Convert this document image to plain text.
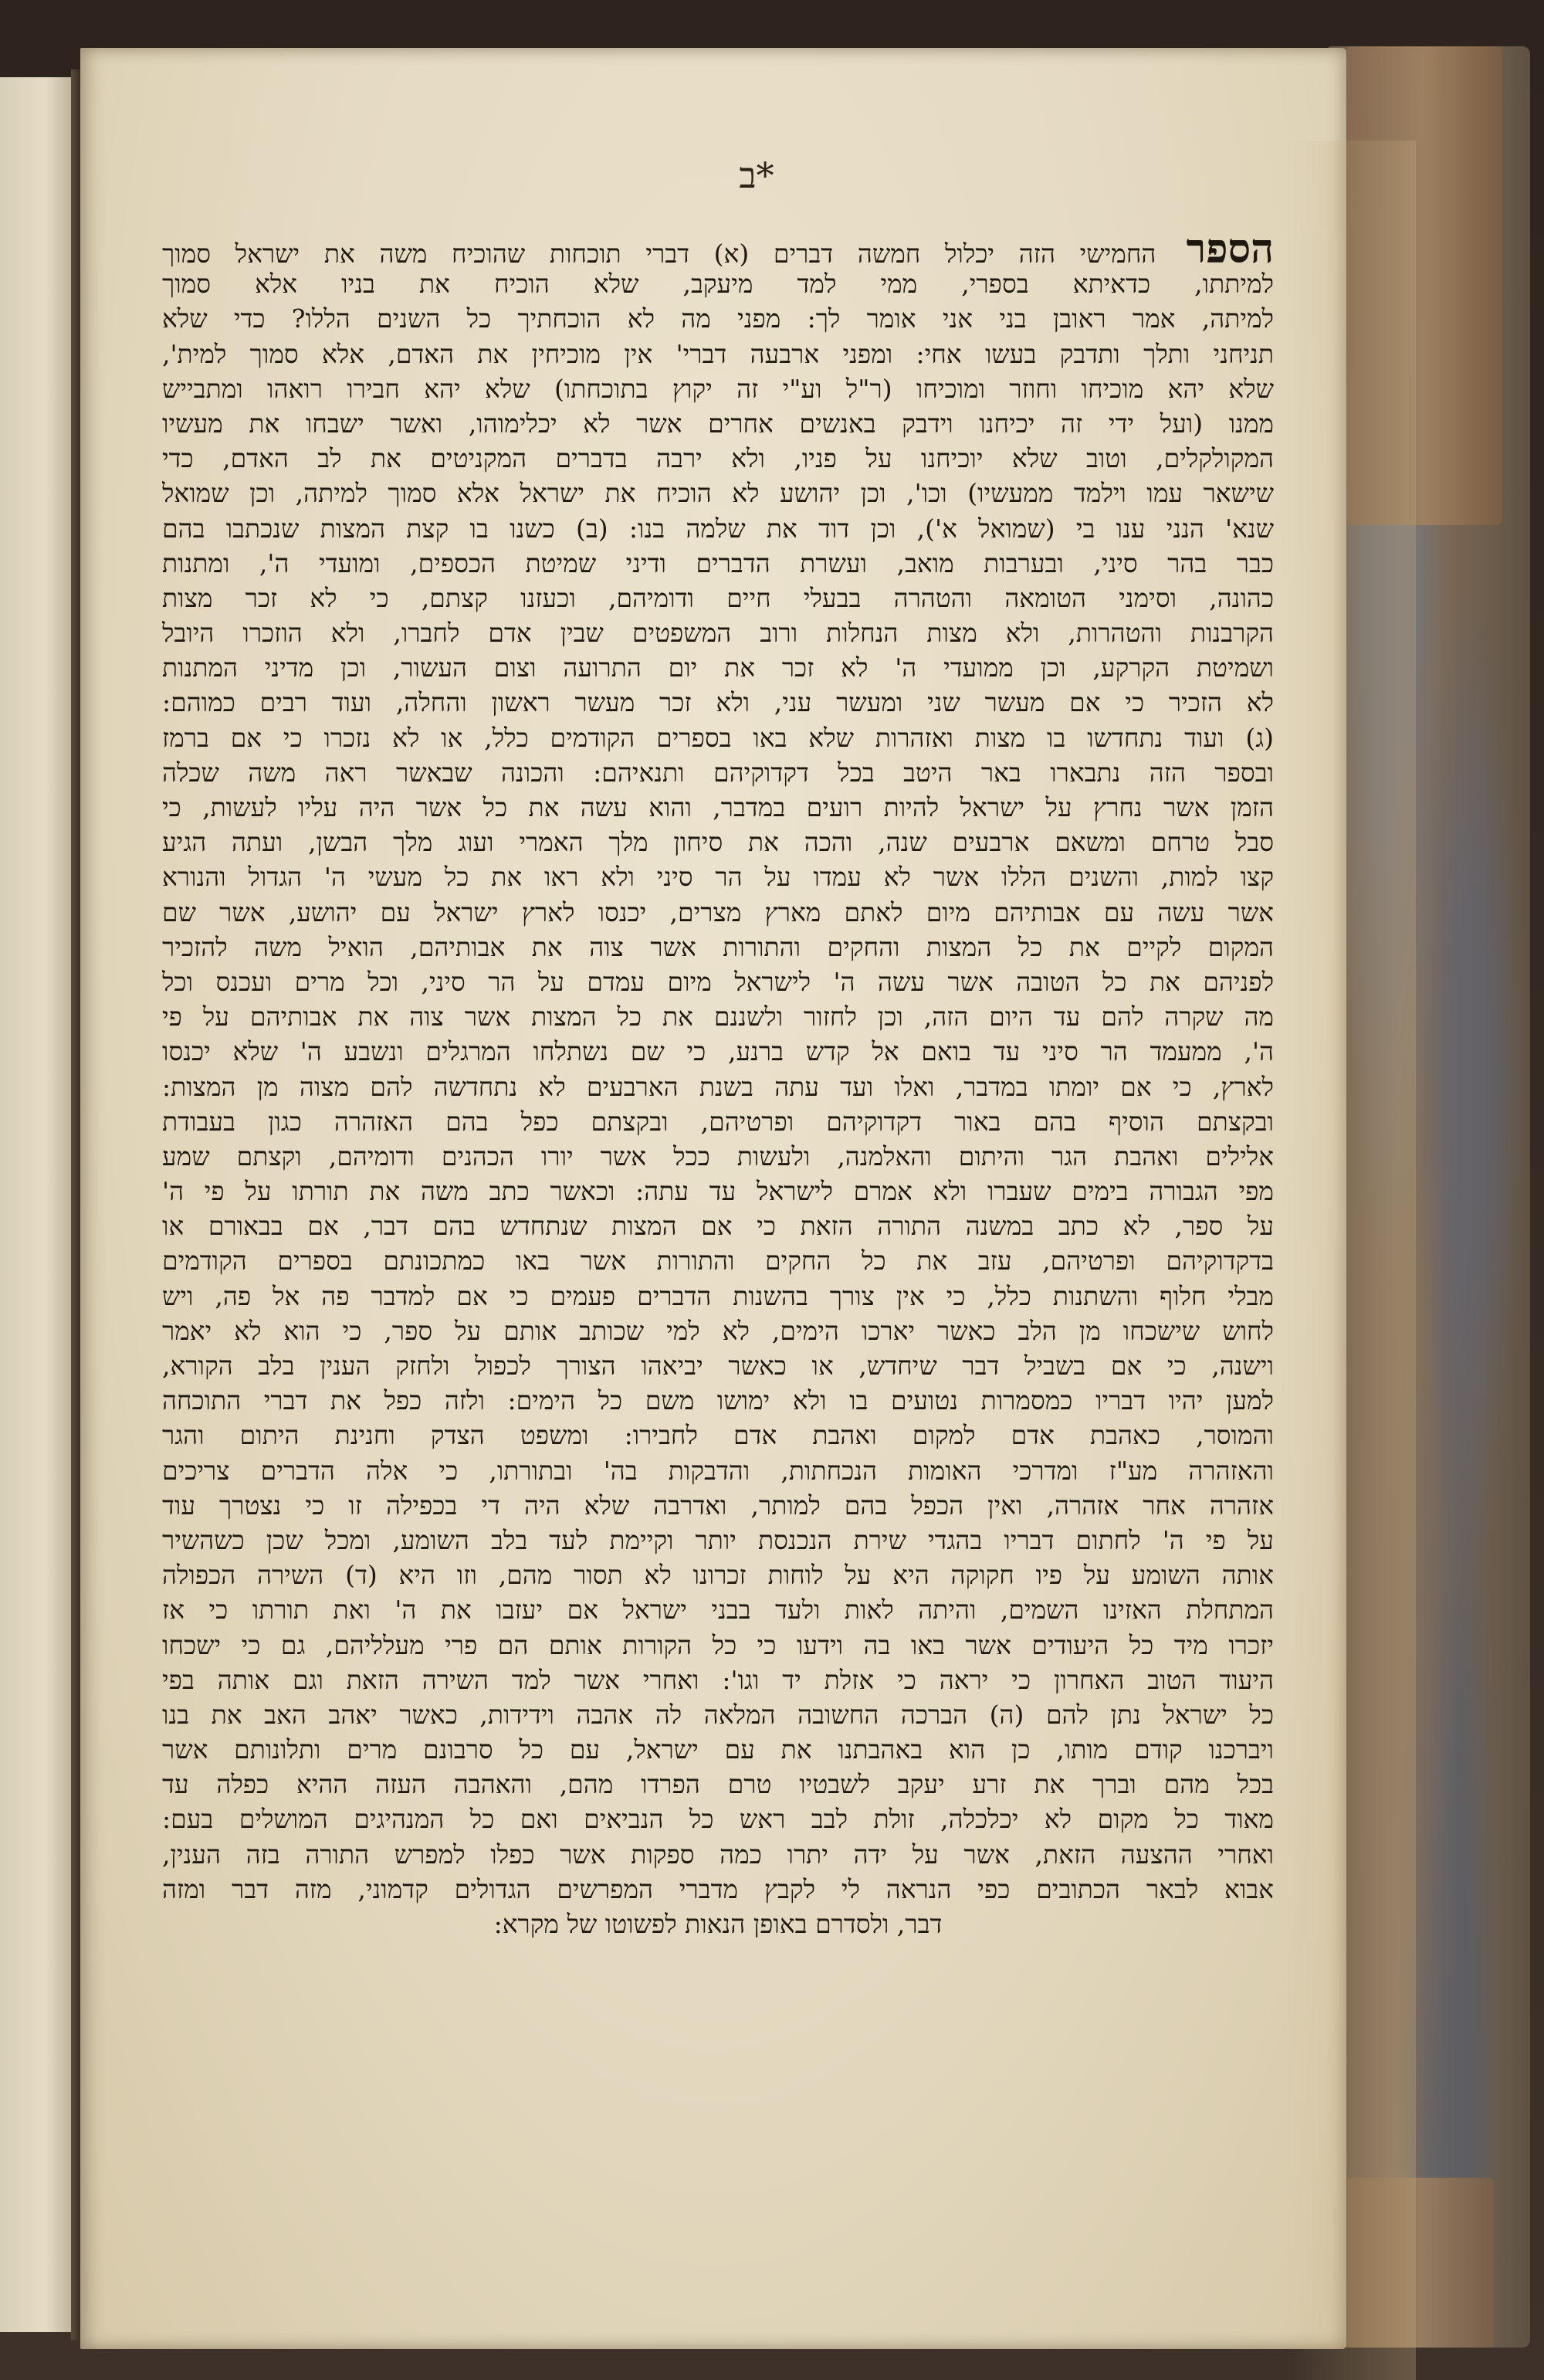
*ב
הספר החמישי הזה יכלול חמשה דברים (א) דברי תוכחות שהוכיח משה את ישראל סמוך
למיתתו, כדאיתא בספרי, ממי למד מיעקב, שלא הוכיח את בניו אלא סמוך
למיתה, אמר ראובן בני אני אומר לך: מפני מה לא הוכחתיך כל השנים הללו? כדי שלא
תניחני ותלך ותדבק בעשו אחי: ומפני ארבעה דברי' אין מוכיחין את האדם, אלא סמוך למית',
שלא יהא מוכיחו וחוזר ומוכיחו (ר"ל וע"י זה יקוץ בתוכחתו) שלא יהא חבירו רואהו ומתבייש
ממנו (ועל ידי זה יכיחנו וידבק באנשים אחרים אשר לא יכלימוהו, ואשר ישבחו את מעשיו
המקולקלים, וטוב שלא יוכיחנו על פניו, ולא ירבה בדברים המקניטים את לב האדם, כדי
שישאר עמו וילמד ממעשיו) וכו', וכן יהושע לא הוכיח את ישראל אלא סמוך למיתה, וכן שמואל
שנא' הנני ענו בי (שמואל א'), וכן דוד את שלמה בנו: (ב) כשנו בו קצת המצות שנכתבו בהם
כבר בהר סיני, ובערבות מואב, ועשרת הדברים ודיני שמיטת הכספים, ומועדי ה', ומתנות
כהונה, וסימני הטומאה והטהרה בבעלי חיים ודומיהם, וכעזנו קצתם, כי לא זכר מצות
הקרבנות והטהרות, ולא מצות הנחלות ורוב המשפטים שבין אדם לחברו, ולא הוזכרו היובל
ושמיטת הקרקע, וכן ממועדי ה' לא זכר את יום התרועה וצום העשור, וכן מדיני המתנות
לא הזכיר כי אם מעשר שני ומעשר עני, ולא זכר מעשר ראשון והחלה, ועוד רבים כמוהם:
(ג) ועוד נתחדשו בו מצות ואזהרות שלא באו בספרים הקודמים כלל, או לא נזכרו כי אם ברמז
ובספר הזה נתבארו באר היטב בכל דקדוקיהם ותנאיהם: והכונה שבאשר ראה משה שכלה
הזמן אשר נחרץ על ישראל להיות רועים במדבר, והוא עשה את כל אשר היה עליו לעשות, כי
סבל טרחם ומשאם ארבעים שנה, והכה את סיחון מלך האמרי ועוג מלך הבשן, ועתה הגיע
קצו למות, והשנים הללו אשר לא עמדו על הר סיני ולא ראו את כל מעשי ה' הגדול והנורא
אשר עשה עם אבותיהם מיום לאתם מארץ מצרים, יכנסו לארץ ישראל עם יהושע, אשר שם
המקום לקיים את כל המצות והחקים והתורות אשר צוה את אבותיהם, הואיל משה להזכיר
לפניהם את כל הטובה אשר עשה ה' לישראל מיום עמדם על הר סיני, וכל מרים ועכנס וכל
מה שקרה להם עד היום הזה, וכן לחזור ולשננם את כל המצות אשר צוה את אבותיהם על פי
ה', ממעמד הר סיני עד בואם אל קדש ברנע, כי שם נשתלחו המרגלים ונשבע ה' שלא יכנסו
לארץ, כי אם יומתו במדבר, ואלו ועד עתה בשנת הארבעים לא נתחדשה להם מצוה מן המצות:
ובקצתם הוסיף בהם באור דקדוקיהם ופרטיהם, ובקצתם כפל בהם האזהרה כגון בעבודת
אלילים ואהבת הגר והיתום והאלמנה, ולעשות ככל אשר יורו הכהנים ודומיהם, וקצתם שמע
מפי הגבורה בימים שעברו ולא אמרם לישראל עד עתה: וכאשר כתב משה את תורתו על פי ה'
על ספר, לא כתב במשנה התורה הזאת כי אם המצות שנתחדש בהם דבר, אם בבאורם או
בדקדוקיהם ופרטיהם, עזב את כל החקים והתורות אשר באו כמתכונתם בספרים הקודמים
מבלי חלוף והשתנות כלל, כי אין צורך בהשנות הדברים פעמים כי אם למדבר פה אל פה, ויש
לחוש שישכחו מן הלב כאשר יארכו הימים, לא למי שכותב אותם על ספר, כי הוא לא יאמר
וישנה, כי אם בשביל דבר שיחדש, או כאשר יביאהו הצורך לכפול ולחזק הענין בלב הקורא,
למען יהיו דבריו כמסמרות נטועים בו ולא ימושו משם כל הימים: ולזה כפל את דברי התוכחה
והמוסר, כאהבת אדם למקום ואהבת אדם לחבירו: ומשפט הצדק וחנינת היתום והגר
והאזהרה מע"ז ומדרכי האומות הנכחתות, והדבקות בה' ובתורתו, כי אלה הדברים צריכים
אזהרה אחר אזהרה, ואין הכפל בהם למותר, ואדרבה שלא היה די בכפילה זו כי נצטרך עוד
על פי ה' לחתום דבריו בהגדי שירת הנכנסת יותר וקיימת לעד בלב השומע, ומכל שכן כשהשיר
אותה השומע על פיו חקוקה היא על לוחות זכרונו לא תסור מהם, וזו היא (ד) השירה הכפולה
המתחלת האזינו השמים, והיתה לאות ולעד בבני ישראל אם יעזבו את ה' ואת תורתו כי אז
יזכרו מיד כל היעודים אשר באו בה וידעו כי כל הקורות אותם הם פרי מעלליהם, גם כי ישכחו
היעוד הטוב האחרון כי יראה כי אזלת יד וגו': ואחרי אשר למד השירה הזאת וגם אותה בפי
כל ישראל נתן להם (ה) הברכה החשובה המלאה לה אהבה וידידות, כאשר יאהב האב את בנו
ויברכנו קודם מותו, כן הוא באהבתנו את עם ישראל, עם כל סרבונם מרים ותלונותם אשר
בכל מהם וברך את זרע יעקב לשבטיו טרם הפרדו מהם, והאהבה העזה ההיא כפלה עד
מאוד כל מקום לא יכלכלה, זולת לבב ראש כל הנביאים ואם כל המנהיגים המושלים בעם:
ואחרי ההצעה הזאת, אשר על ידה יתרו כמה ספקות אשר כפלו למפרש התורה בזה הענין,
אבוא לבאר הכתובים כפי הנראה לי לקבץ מדברי המפרשים הגדולים קדמוני, מזה דבר ומזה
דבר, ולסדרם באופן הנאות לפשוטו של מקרא:
